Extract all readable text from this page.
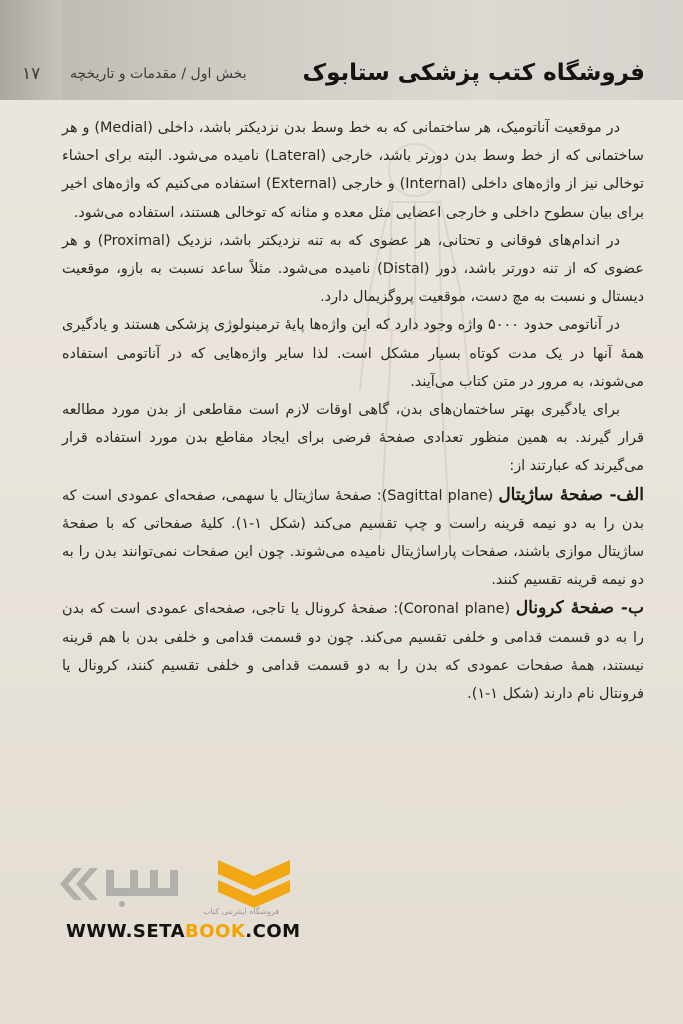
۱۷ بخش اول / مقدمات و تاریخچه فروشگاه کتب پزشکی ستابوک

در موقعیت آناتومیک، هر ساختمانی که به خط وسط بدن نزدیکتر باشد، داخلی (Medial) و هر ساختمانی که از خط وسط بدن دورتر باشد، خارجی (Lateral) نامیده می‌شود. البته برای احشاء توخالی نیز از واژه‌های داخلی (Internal) و خارجی (External) استفاده می‌کنیم که واژه‌های اخیر برای بیان سطوح داخلی و خارجی اعضایی مثل معده و مثانه که توخالی هستند، استفاده می‌شود.

در اندام‌های فوقانی و تحتانی، هر عضوی که به تنه نزدیکتر باشد، نزدیک (Proximal) و هر عضوی که از تنه دورتر باشد، دور (Distal) نامیده می‌شود. مثلاً ساعد نسبت به بازو، موقعیت دیستال و نسبت به مچ دست، موقعیت پروگزیمال دارد.

در آناتومی حدود ۵۰۰۰ واژه وجود دارد که این واژه‌ها پایهٔ ترمینولوژی پزشکی هستند و یادگیری همهٔ آنها در یک مدت کوتاه بسیار مشکل است. لذا سایر واژه‌هایی که در آناتومی استفاده می‌شوند، به مرور در متن کتاب می‌آیند.

برای یادگیری بهتر ساختمان‌های بدن، گاهی اوقات لازم است مقاطعی از بدن مورد مطالعه قرار گیرند. به همین منظور تعدادی صفحهٔ فرضی برای ایجاد مقاطع بدن مورد استفاده قرار می‌گیرند که عبارتند از:

الف- صفحهٔ ساژیتال (Sagittal plane): صفحهٔ ساژیتال یا سهمی، صفحه‌ای عمودی است که بدن را به دو نیمه قرینه راست و چپ تقسیم می‌کند (شکل ۱-۱). کلیهٔ صفحاتی که با صفحهٔ ساژیتال موازی باشند، صفحات پاراساژیتال نامیده می‌شوند. چون این صفحات نمی‌توانند بدن را به دو نیمه قرینه تقسیم کنند.

ب- صفحهٔ کرونال (Coronal plane): صفحهٔ کرونال یا تاجی، صفحه‌ای عمودی است که بدن را به دو قسمت قدامی و خلفی تقسیم می‌کند. چون دو قسمت قدامی و خلفی بدن با هم قرینه نیستند، همهٔ صفحات عمودی که بدن را به دو قسمت قدامی و خلفی تقسیم کنند، کرونال یا فرونتال نام دارند (شکل ۱-۱).

فروشگاه اینترنتی کتاب
WWW.SETABOOK.COM
